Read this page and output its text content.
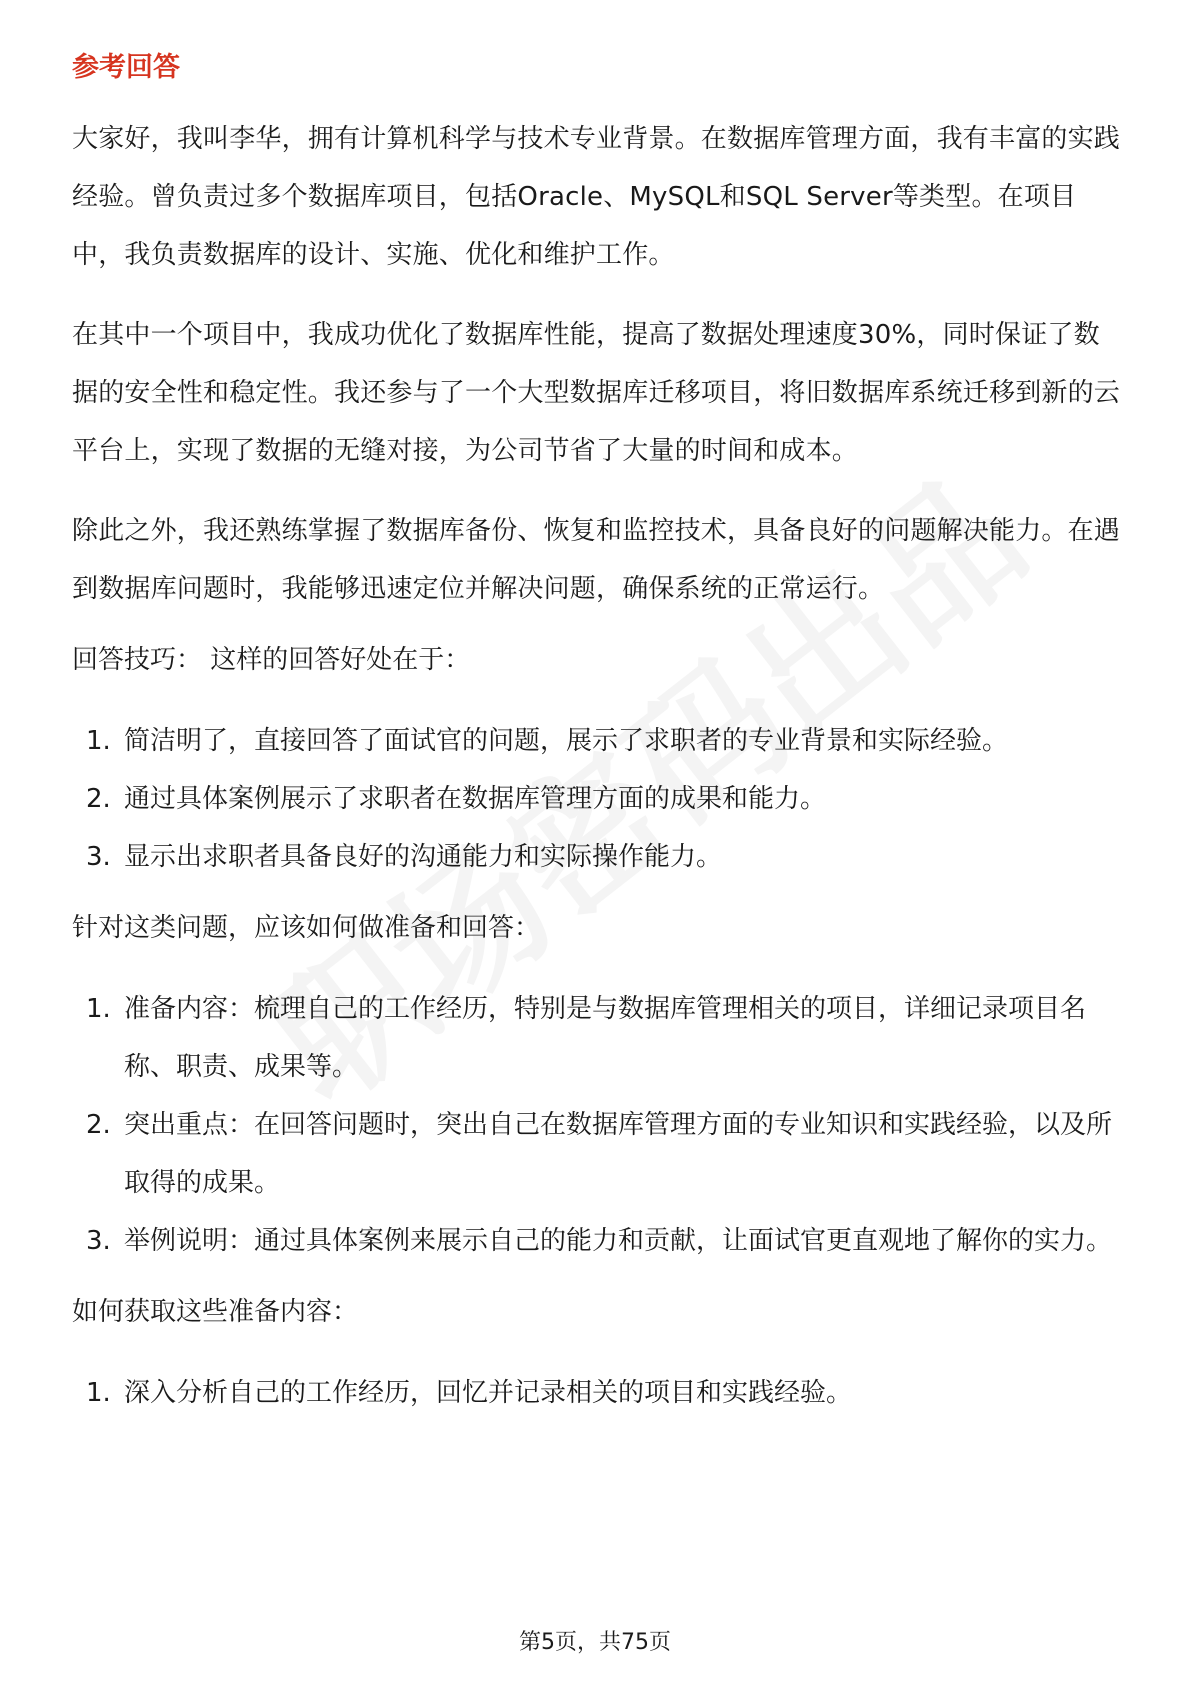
参考回答

大家好，我叫李华，拥有计算机科学与技术专业背景。在数据库管理方面，我有丰富的实践经验。曾负责过多个数据库项目，包括Oracle、MySQL和SQL Server等类型。在项目中，我负责数据库的设计、实施、优化和维护工作。

在其中一个项目中，我成功优化了数据库性能，提高了数据处理速度30%，同时保证了数据的安全性和稳定性。我还参与了一个大型数据库迁移项目，将旧数据库系统迁移到新的云平台上，实现了数据的无缝对接，为公司节省了大量的时间和成本。

除此之外，我还熟练掌握了数据库备份、恢复和监控技术，具备良好的问题解决能力。在遇到数据库问题时，我能够迅速定位并解决问题，确保系统的正常运行。

回答技巧： 这样的回答好处在于：
1. 简洁明了，直接回答了面试官的问题，展示了求职者的专业背景和实际经验。
2. 通过具体案例展示了求职者在数据库管理方面的成果和能力。
3. 显示出求职者具备良好的沟通能力和实际操作能力。
针对这类问题，应该如何做准备和回答：
1. 准备内容：梳理自己的工作经历，特别是与数据库管理相关的项目，详细记录项目名称、职责、成果等。
2. 突出重点：在回答问题时，突出自己在数据库管理方面的专业知识和实践经验，以及所取得的成果。
3. 举例说明：通过具体案例来展示自己的能力和贡献，让面试官更直观地了解你的实力。
如何获取这些准备内容：
1. 深入分析自己的工作经历，回忆并记录相关的项目和实践经验。
第5页，共75页
